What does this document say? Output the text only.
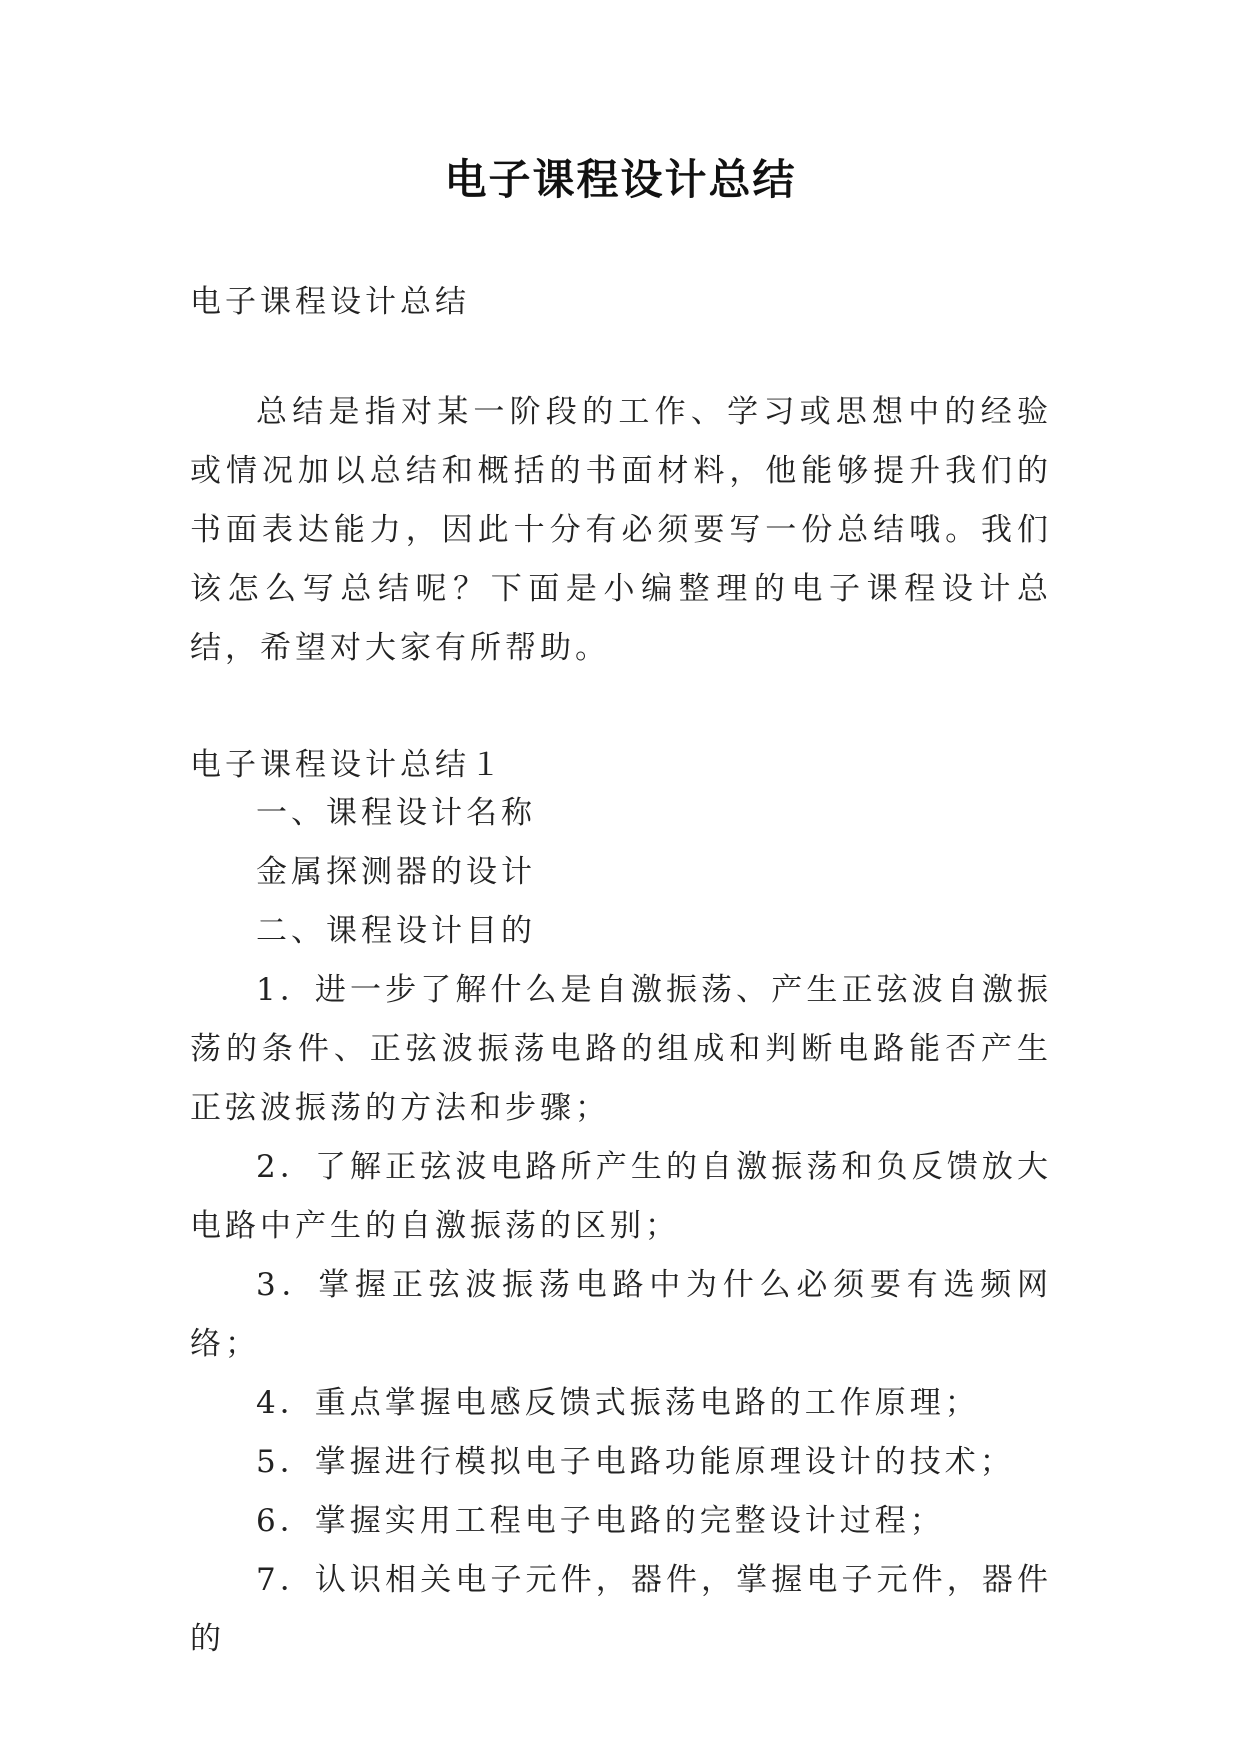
电子课程设计总结

电子课程设计总结

总结是指对某一阶段的工作、学习或思想中的经验或情况加以总结和概括的书面材料，他能够提升我们的书面表达能力，因此十分有必须要写一份总结哦。我们该怎么写总结呢？下面是小编整理的电子课程设计总结，希望对大家有所帮助。

电子课程设计总结１

一、课程设计名称

金属探测器的设计

二、课程设计目的

1．进一步了解什么是自激振荡、产生正弦波自激振荡的条件、正弦波振荡电路的组成和判断电路能否产生正弦波振荡的方法和步骤；

2．了解正弦波电路所产生的自激振荡和负反馈放大电路中产生的自激振荡的区别；

3．掌握正弦波振荡电路中为什么必须要有选频网络；

4．重点掌握电感反馈式振荡电路的工作原理；

5．掌握进行模拟电子电路功能原理设计的技术；

6．掌握实用工程电子电路的完整设计过程；

7．认识相关电子元件，器件，掌握电子元件，器件的
